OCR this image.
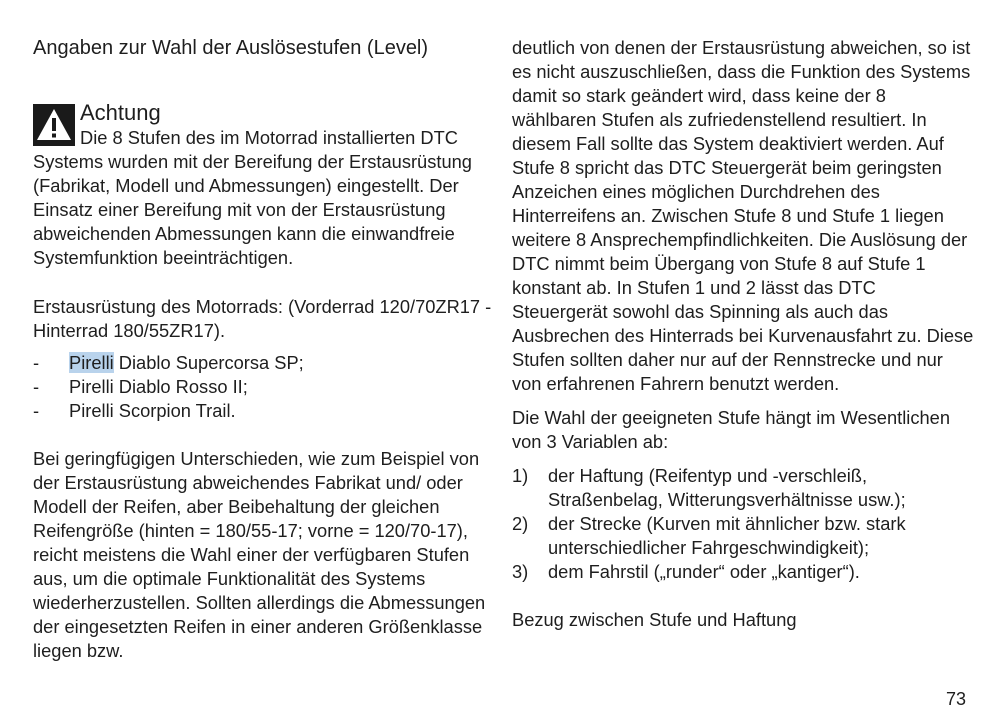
Angaben zur Wahl der Auslösestufen (Level)

Achtung

Die 8 Stufen des im Motorrad installierten DTC Systems wurden mit der Bereifung der Erstausrüstung (Fabrikat, Modell und Abmessungen) eingestellt. Der Einsatz einer Bereifung mit von der Erstausrüstung abweichenden Abmessungen kann die einwandfreie Systemfunktion beeinträchtigen.

Erstausrüstung des Motorrads: (Vorderrad 120/70ZR17 - Hinterrad 180/55ZR17).

- Pirelli Diablo Supercorsa SP;
- Pirelli Diablo Rosso II;
- Pirelli Scorpion Trail.

Bei geringfügigen Unterschieden, wie zum Beispiel von der Erstausrüstung abweichendes Fabrikat und/ oder Modell der Reifen, aber Beibehaltung der gleichen Reifengröße (hinten = 180/55-17; vorne = 120/70-17), reicht meistens die Wahl einer der verfügbaren Stufen aus, um die optimale Funktionalität des Systems wiederherzustellen. Sollten allerdings die Abmessungen der eingesetzten Reifen in einer anderen Größenklasse liegen bzw.

deutlich von denen der Erstausrüstung abweichen, so ist es nicht auszuschließen, dass die Funktion des Systems damit so stark geändert wird, dass keine der 8 wählbaren Stufen als zufriedenstellend resultiert. In diesem Fall sollte das System deaktiviert werden. Auf Stufe 8 spricht das DTC Steuergerät beim geringsten Anzeichen eines möglichen Durchdrehen des Hinterreifens an. Zwischen Stufe 8 und Stufe 1 liegen weitere 8 Ansprechempfindlichkeiten. Die Auslösung der DTC nimmt beim Übergang von Stufe 8 auf Stufe 1 konstant ab. In Stufen 1 und 2 lässt das DTC Steuergerät sowohl das Spinning als auch das Ausbrechen des Hinterrads bei Kurvenausfahrt zu. Diese Stufen sollten daher nur auf der Rennstrecke und nur von erfahrenen Fahrern benutzt werden.

Die Wahl der geeigneten Stufe hängt im Wesentlichen von 3 Variablen ab:

1) der Haftung (Reifentyp und -verschleiß, Straßenbelag, Witterungsverhältnisse usw.);
2) der Strecke (Kurven mit ähnlicher bzw. stark unterschiedlicher Fahrgeschwindigkeit);
3) dem Fahrstil („runder“ oder „kantiger“).

Bezug zwischen Stufe und Haftung

73
